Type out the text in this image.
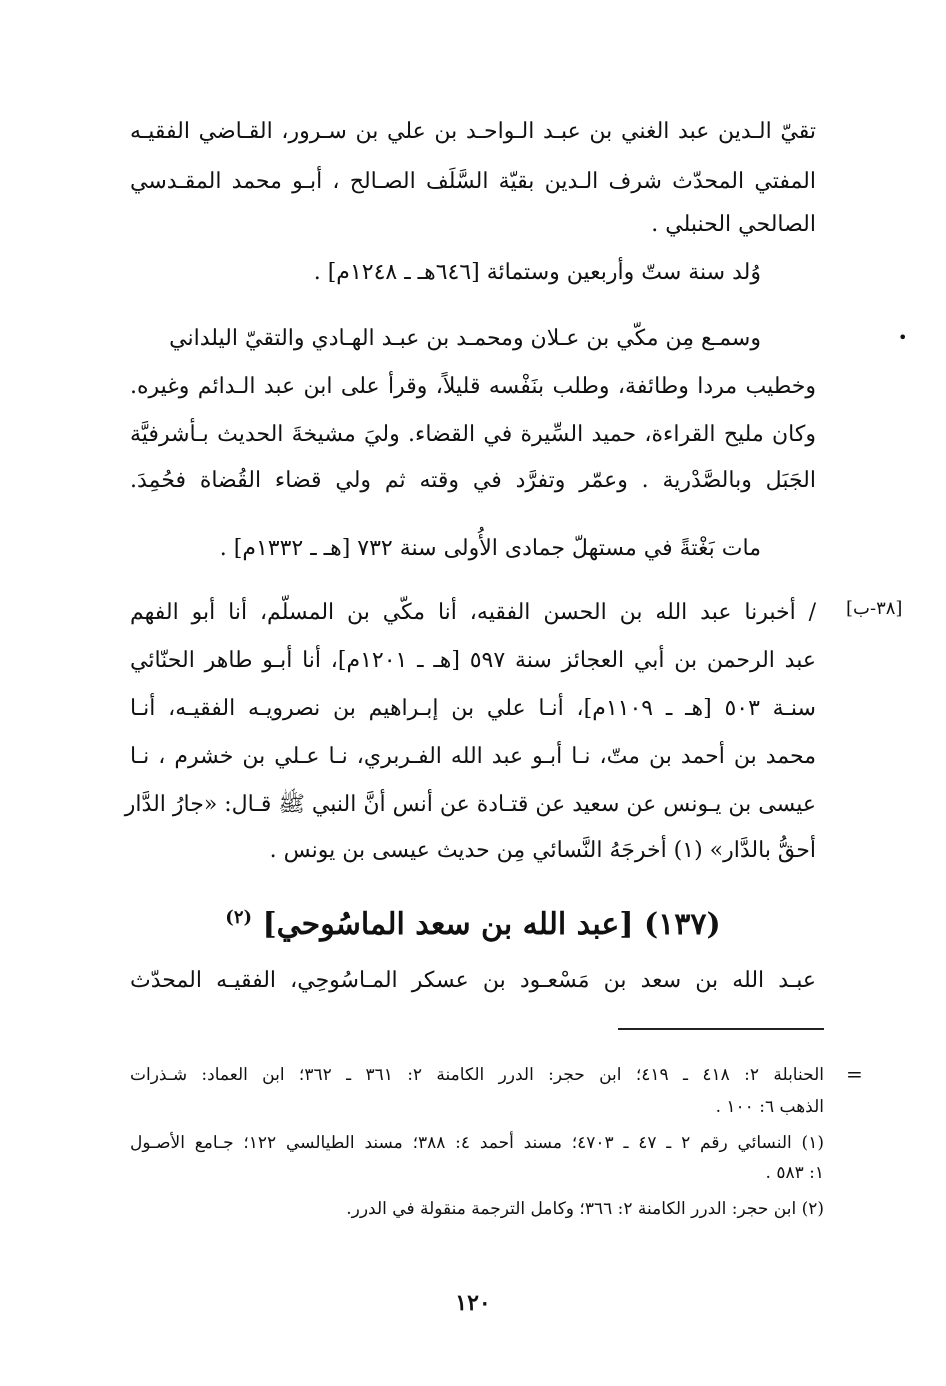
تقيّ الـدين عبد الغني بن عبـد الـواحـد بن علي بن سـرور، القـاضي الفقيـه
المفتي المحدّث شرف الـدين بقيّة السَّلَف الصـالح ، أبـو محمد المقـدسي
الصالحي الحنبلي .
وُلد سنة ستّ وأربعين وستمائة [٦٤٦هـ ـ ١٢٤٨م] .
•
وسمـع مِن مكّي بن عـلان ومحمـد بن عبـد الهـادي والتقيّ اليلداني
وخطيب مردا وطائفة، وطلب بنَفْسه قليلاً، وقرأ على ابن عبد الـدائم وغيره.
وكان مليح القراءة، حميد السِّيرة في القضاء. وليَ مشيخةَ الحديث بـأشرفيَّة
الجَبَل وبالصَّدْرية . وعمّر وتفرَّد في وقته ثم ولي قضاء القُضاة فحُمِدَ.
مات بَغْتةً في مستهلّ جمادى الأُولى سنة ٧٣٢ [هـ ـ ١٣٣٢م] .
[٣٨-ب]
/ أخبرنا عبد الله بن الحسن الفقيه، أنا مكّي بن المسلّم، أنا أبو الفهم
عبد الرحمن بن أبي العجائز سنة ٥٩٧ [هـ ـ ١٢٠١م]، أنا أبـو طاهر الحنّائي
سنـة ٥٠٣ [هـ ـ ١١٠٩م]، أنـا علي بن إبـراهيم بن نصرويـه الفقيـه، أنـا
محمد بن أحمد بن متّ، نـا أبـو عبد الله الفـربري، نـا عـلي بن خشرم ، نـا
عيسى بن يـونس عن سعيد عن قتـادة عن أنس أنَّ النبي ﷺ قـال: «جارُ الدَّار
أحقُّ بالدَّار» (١) أخرجَهُ النَّسائي مِن حديث عيسى بن يونس .
(١٣٧) [عبد الله بن سعد الماسُوحي] $^{(٢)}$
عبـد الله بن سعد بن مَسْعـود بن عسكر المـاسُوحِي، الفقيـه المحدّث
=
الحنابلة ٢: ٤١٨ ـ ٤١٩؛ ابن حجر: الدرر الكامنة ٢: ٣٦١ ـ ٣٦٢؛ ابن العماد: شـذرات
الذهب ٦: ١٠٠ .
(١) النسائي رقم ٢ ـ ٤٧ ـ ٤٧٠٣؛ مسند أحمد ٤: ٣٨٨؛ مسند الطيالسي ١٢٢؛ جـامع الأصـول
١: ٥٨٣ .
(٢) ابن حجر: الدرر الكامنة ٢: ٣٦٦؛ وكامل الترجمة منقولة في الدرر.
١٢٠
